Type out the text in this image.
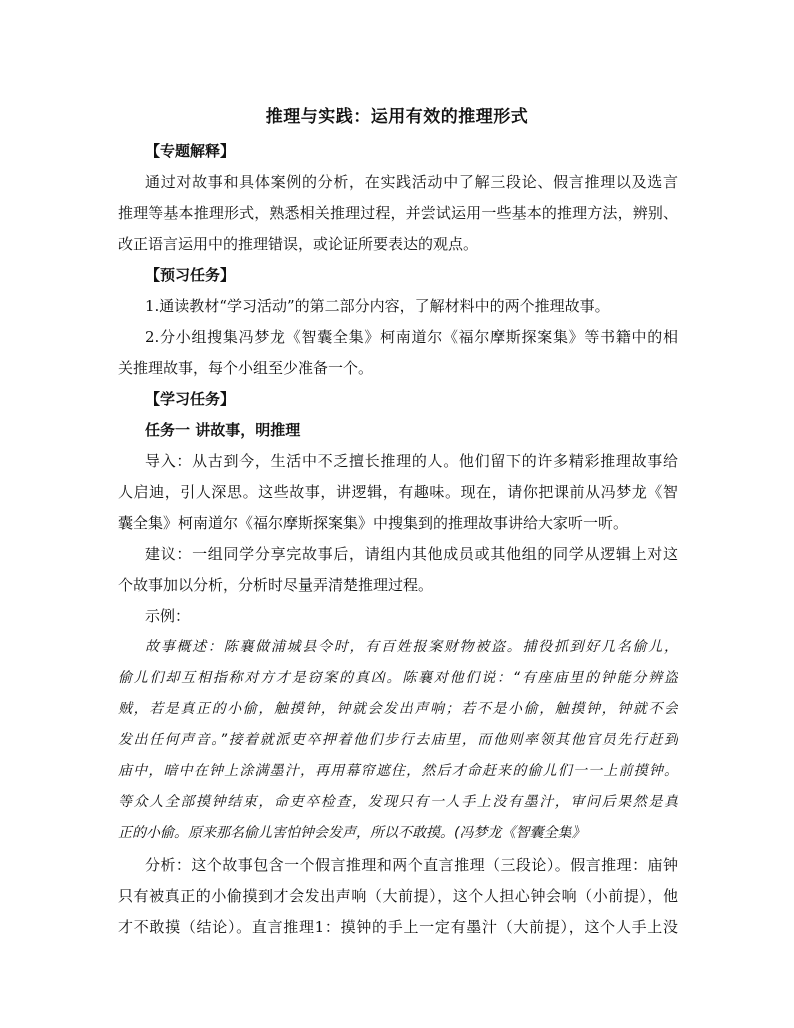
推理与实践：运用有效的推理形式
【专题解释】
通过对故事和具体案例的分析，在实践活动中了解三段论、假言推理以及选言
推理等基本推理形式，熟悉相关推理过程，并尝试运用一些基本的推理方法，辨别、
改正语言运用中的推理错误，或论证所要表达的观点。
【预习任务】
1.通读教材“学习活动”的第二部分内容，了解材料中的两个推理故事。
2.分小组搜集冯梦龙《智囊全集》柯南道尔《福尔摩斯探案集》等书籍中的相
关推理故事，每个小组至少准备一个。
【学习任务】
任务一 讲故事，明推理
导入：从古到今，生活中不乏擅长推理的人。他们留下的许多精彩推理故事给
人启迪，引人深思。这些故事，讲逻辑，有趣味。现在，请你把课前从冯梦龙《智
囊全集》柯南道尔《福尔摩斯探案集》中搜集到的推理故事讲给大家听一听。
建议：一组同学分享完故事后，请组内其他成员或其他组的同学从逻辑上对这
个故事加以分析，分析时尽量弄清楚推理过程。
示例：
故事概述：陈襄做浦城县令时，有百姓报案财物被盗。捕役抓到好几名偷儿，
偷儿们却互相指称对方才是窃案的真凶。陈襄对他们说：“有座庙里的钟能分辨盗
贼，若是真正的小偷，触摸钟，钟就会发出声响；若不是小偷，触摸钟，钟就不会
发出任何声音。”接着就派吏卒押着他们步行去庙里，而他则率领其他官员先行赶到
庙中，暗中在钟上涂满墨汁，再用幕帘遮住，然后才命赶来的偷儿们一一上前摸钟。
等众人全部摸钟结束，命吏卒检查，发现只有一人手上没有墨汁，审问后果然是真
正的小偷。原来那名偷儿害怕钟会发声，所以不敢摸。(冯梦龙《智囊全集》
分析：这个故事包含一个假言推理和两个直言推理（三段论）。假言推理：庙钟
只有被真正的小偷摸到才会发出声响（大前提），这个人担心钟会响（小前提），他
才不敢摸（结论）。直言推理1：摸钟的手上一定有墨汁（大前提），这个人手上没
